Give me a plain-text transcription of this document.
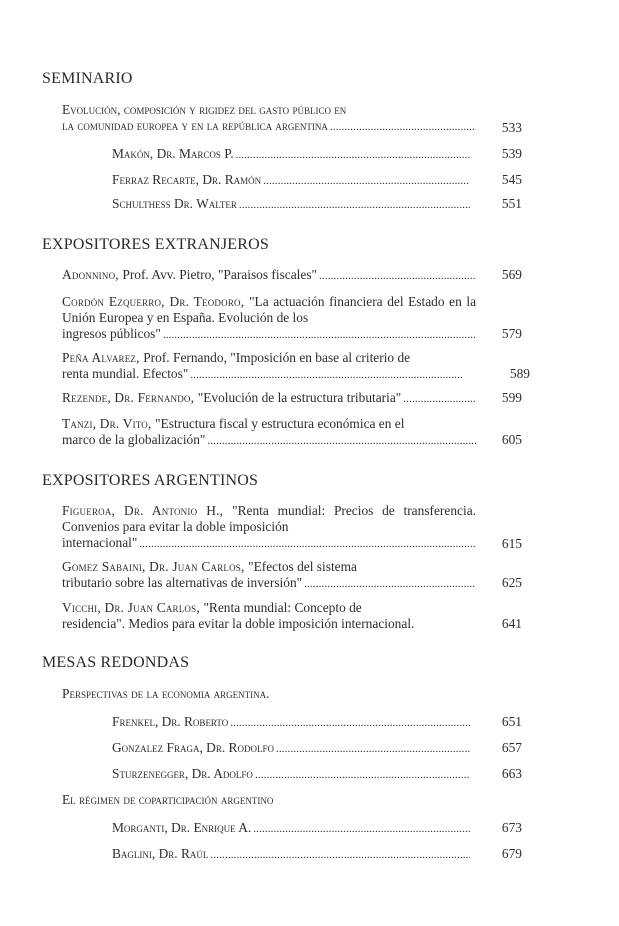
SEMINARIO
Evolución, composición y rigidez del gasto público en
la comunidad europea y en la república argentina . . .	533
Makón, Dr. Marcos P. . . .	539
Ferraz Recarte, Dr. Ramón . . .	545
Schulthess Dr. Walter . . .	551
EXPOSITORES EXTRANJEROS
Adonnino, Prof. Avv. Pietro, "Paraisos fiscales" . . .	569
Cordón Ezquerro, Dr. Teodoro, "La actuación financiera del Estado en la Unión Europea y en España. Evolución de los
ingresos públicos" . . .	579
Peña Alvarez, Prof. Fernando, "Imposición en base al criterio de
renta mundial. Efectos" . . .	589
Rezende, Dr. Fernando, "Evolución de la estructura tributaria" . . .	599
Tanzi, Dr. Vito, "Estructura fiscal y estructura económica en el
marco de la globalización" . . .	605
EXPOSITORES ARGENTINOS
Figueroa, Dr. Antonio H., "Renta mundial: Precios de transferencia. Convenios para evitar la doble imposición
internacional" . . .	615
Gomez Sabaini, Dr. Juan Carlos, "Efectos del sistema
tributario sobre las alternativas de inversión" . . .	625
Vicchi, Dr. Juan Carlos, "Renta mundial: Concepto de
residencia". Medios para evitar la doble imposición internacional.	641
MESAS REDONDAS
Perspectivas de la economia argentina.
Frenkel, Dr. Roberto . . .	651
Gonzalez Fraga, Dr. Rodolfo . . .	657
Sturzenegger, Dr. Adolfo . . .	663
El régimen de coparticipación argentino
Morganti, Dr. Enrique A. . . .	673
Baglini, Dr. Raúl . . .	679
